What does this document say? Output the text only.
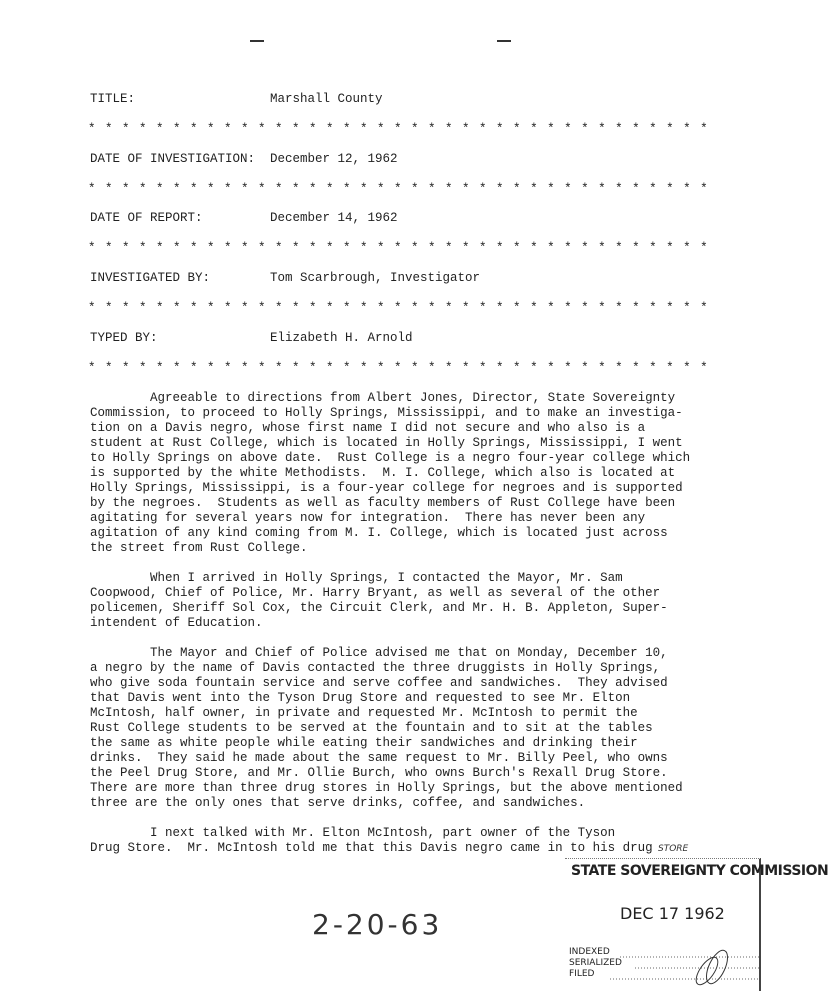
TITLE:	Marshall County
* * * * * * * * * * * * * * * * * * * * * * * * * * * * * * * * * * * * *
DATE OF INVESTIGATION: December 12, 1962
* * * * * * * * * * * * * * * * * * * * * * * * * * * * * * * * * * * * *
DATE OF REPORT:	December 14, 1962
* * * * * * * * * * * * * * * * * * * * * * * * * * * * * * * * * * * * *
INVESTIGATED BY:	Tom Scarbrough, Investigator
* * * * * * * * * * * * * * * * * * * * * * * * * * * * * * * * * * * * *
TYPED BY:	Elizabeth H. Arnold
* * * * * * * * * * * * * * * * * * * * * * * * * * * * * * * * * * * * *
Agreeable to directions from Albert Jones, Director, State Sovereignty
Commission, to proceed to Holly Springs, Mississippi, and to make an investiga-
tion on a Davis negro, whose first name I did not secure and who also is a
student at Rust College, which is located in Holly Springs, Mississippi, I went
to Holly Springs on above date.  Rust College is a negro four-year college which
is supported by the white Methodists.  M. I. College, which also is located at
Holly Springs, Mississippi, is a four-year college for negroes and is supported
by the negroes.  Students as well as faculty members of Rust College have been
agitating for several years now for integration.  There has never been any
agitation of any kind coming from M. I. College, which is located just across
the street from Rust College.
When I arrived in Holly Springs, I contacted the Mayor, Mr. Sam
Coopwood, Chief of Police, Mr. Harry Bryant, as well as several of the other
policemen, Sheriff Sol Cox, the Circuit Clerk, and Mr. H. B. Appleton, Super-
intendent of Education.
The Mayor and Chief of Police advised me that on Monday, December 10,
a negro by the name of Davis contacted the three druggists in Holly Springs,
who give soda fountain service and serve coffee and sandwiches.  They advised
that Davis went into the Tyson Drug Store and requested to see Mr. Elton
McIntosh, half owner, in private and requested Mr. McIntosh to permit the
Rust College students to be served at the fountain and to sit at the tables
the same as white people while eating their sandwiches and drinking their
drinks.  They said he made about the same request to Mr. Billy Peel, who owns
the Peel Drug Store, and Mr. Ollie Burch, who owns Burch's Rexall Drug Store.
There are more than three drug stores in Holly Springs, but the above mentioned
three are the only ones that serve drinks, coffee, and sandwiches.
I next talked with Mr. Elton McIntosh, part owner of the Tyson
Drug Store.  Mr. McIntosh told me that this Davis negro came in to his drug STORE
2-20-63
STATE SOVEREIGNTY COMMISSION
DEC 17 1962
INDEXED
SERIALIZED
FILED
